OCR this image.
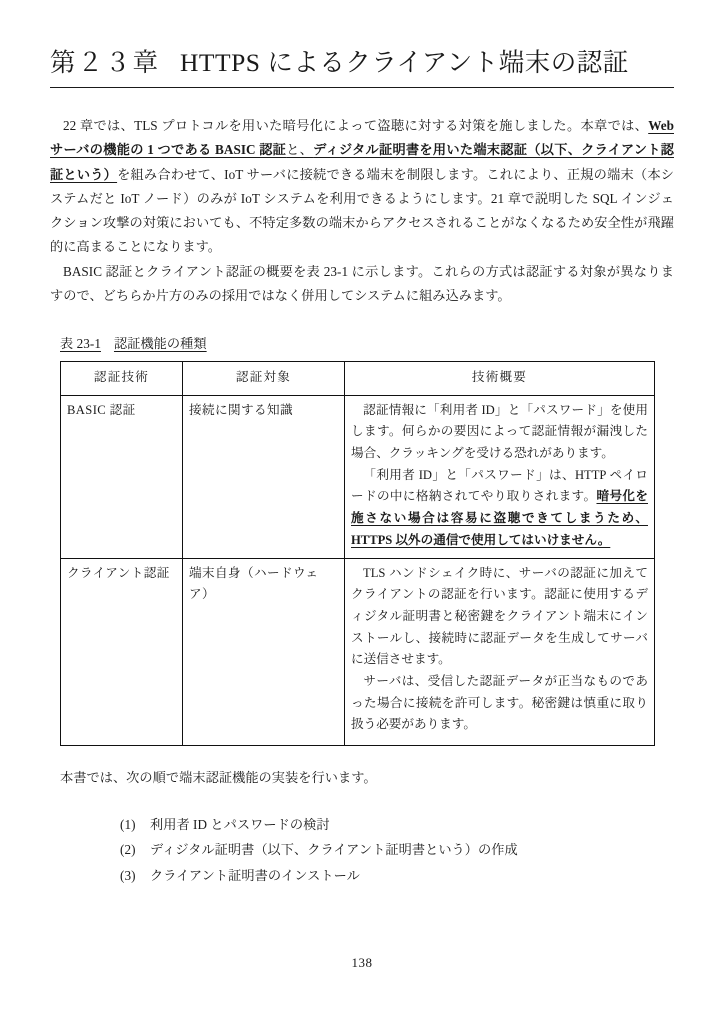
第２３章 HTTPS によるクライアント端末の認証

22 章では、TLS プロトコルを用いた暗号化によって盗聴に対する対策を施しました。本章では、Web サーバの機能の 1 つである BASIC 認証と、ディジタル証明書を用いた端末認証（以下、クライアント認証という）を組み合わせて、IoT サーバに接続できる端末を制限します。これにより、正規の端末（本システムだと IoT ノード）のみが IoT システムを利用できるようにします。21 章で説明した SQL インジェクション攻撃の対策においても、不特定多数の端末からアクセスされることがなくなるため安全性が飛躍的に高まることになります。

BASIC 認証とクライアント認証の概要を表 23-1 に示します。これらの方式は認証する対象が異なりますので、どちらか片方のみの採用ではなく併用してシステムに組み込みます。

表 23-1 認証機能の種類
認証技術	認証対象	技術概要
BASIC 認証	接続に関する知識	認証情報に「利用者 ID」と「パスワード」を使用します。何らかの要因によって認証情報が漏洩した場合、クラッキングを受ける恐れがあります。

「利用者 ID」と「パスワード」は、HTTP ペイロードの中に格納されてやり取りされます。暗号化を施さない場合は容易に盗聴できてしまうため、HTTPS 以外の通信で使用してはいけません。

クライアント認証	端末自身（ハードウェア）	TLS ハンドシェイク時に、サーバの認証に加えてクライアントの認証を行います。認証に使用するディジタル証明書と秘密鍵をクライアント端末にインストールし、接続時に認証データを生成してサーバに送信させます。

サーバは、受信した認証データが正当なものであった場合に接続を許可します。秘密鍵は慎重に取り扱う必要があります。

本書では、次の順で端末認証機能の実装を行います。

(1) 利用者 ID とパスワードの検討
(2) ディジタル証明書（以下、クライアント証明書という）の作成
(3) クライアント証明書のインストール
138
